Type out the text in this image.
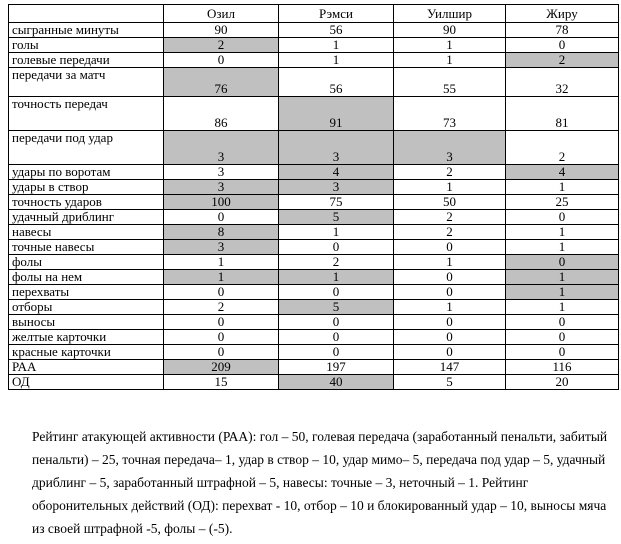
	Озил	Рэмси	Уилшир	Жиру
сыгранные минуты	90	56	90	78
голы	2	1	1	0
голевые передачи	0	1	1	2
передачи за матч	76	56	55	32
точность передач	86	91	73	81
передачи под удар	3	3	3	2
удары по воротам	3	4	2	4
удары в створ	3	3	1	1
точность ударов	100	75	50	25
удачный дриблинг	0	5	2	0
навесы	8	1	2	1
точные навесы	3	0	0	1
фолы	1	2	1	0
фолы на нем	1	1	0	1
перехваты	0	0	0	1
отборы	2	5	1	1
выносы	0	0	0	0
желтые карточки	0	0	0	0
красные карточки	0	0	0	0
РАА	209	197	147	116
ОД	15	40	5	20
Рейтинг атакующей активности (РАА): гол – 50, голевая передача (заработанный пенальти, забитый пенальти) – 25, точная передача– 1, удар в створ – 10, удар мимо– 5, передача под удар – 5, удачный дриблинг – 5, заработанный штрафной – 5, навесы: точные – 3, неточный – 1. Рейтинг оборонительных действий (ОД): перехват - 10, отбор – 10 и блокированный удар – 10, выносы мяча из своей штрафной -5, фолы – (-5).
